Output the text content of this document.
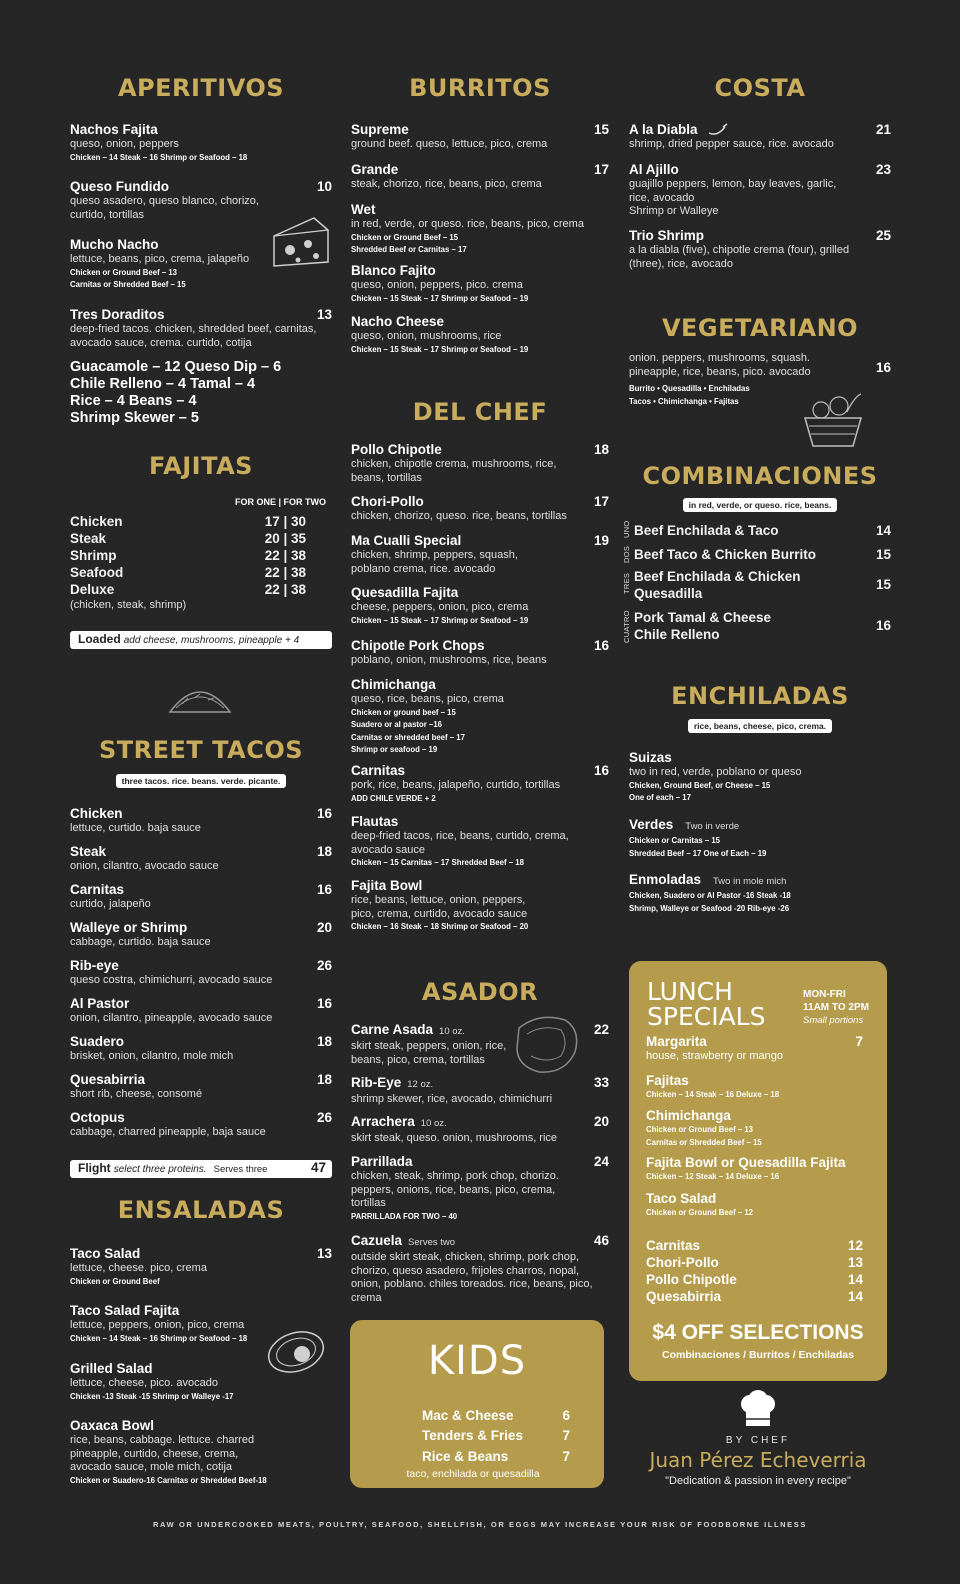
APERITIVOS
Nachos Fajita
queso, onion, peppers
Chicken – 14 Steak – 16 Shrimp or Seafood – 18
Queso Fundido	10
queso asadero, queso blanco, chorizo, curtido, tortillas
Mucho Nacho
lettuce, beans, pico, crema, jalapeño
Chicken or Ground Beef – 13
Carnitas or Shredded Beef – 15
Tres Doraditos	13
deep-fried tacos. chicken, shredded beef, carnitas, avocado sauce, crema. curtido, cotija
Guacamole – 12 Queso Dip – 6
Chile Relleno – 4 Tamal – 4
Rice – 4 Beans – 4
Shrimp Skewer – 5
FAJITAS
FOR ONE | FOR TWO
Chicken	17 | 30
Steak	20 | 35
Shrimp	22 | 38
Seafood	22 | 38
Deluxe	22 | 38
(chicken, steak, shrimp)
Loaded add cheese, mushrooms, pineapple + 4
STREET TACOS
three tacos. rice. beans. verde. picante.
Chicken	16
lettuce, curtido. baja sauce
Steak	18
onion, cilantro, avocado sauce
Carnitas	16
curtido, jalapeño
Walleye or Shrimp	20
cabbage, curtido. baja sauce
Rib-eye	26
queso costra, chimichurri, avocado sauce
Al Pastor	16
onion, cilantro, pineapple, avocado sauce
Suadero	18
brisket, onion, cilantro, mole mich
Quesabirria	18
short rib, cheese, consomé
Octopus	26
cabbage, charred pineapple, baja sauce
Flight select three proteins. Serves three	47
ENSALADAS
Taco Salad	13
lettuce, cheese. pico, crema
Chicken or Ground Beef
Taco Salad Fajita
lettuce, peppers, onion, pico, crema
Chicken – 14 Steak – 16 Shrimp or Seafood – 18
Grilled Salad
lettuce, cheese, pico. avocado
Chicken -13 Steak -15 Shrimp or Walleye -17
Oaxaca Bowl
rice, beans, cabbage. lettuce. charred pineapple, curtido, cheese, crema, avocado sauce, mole mich, cotija
Chicken or Suadero-16 Carnitas or Shredded Beef-18
BURRITOS
Supreme	15
ground beef. queso, lettuce, pico, crema
Grande	17
steak, chorizo, rice, beans, pico, crema
Wet
in red, verde, or queso. rice, beans, pico, crema
Chicken or Ground Beef – 15
Shredded Beef or Carnitas – 17
Blanco Fajito
queso, onion, peppers, pico. crema
Chicken – 15 Steak – 17 Shrimp or Seafood – 19
Nacho Cheese
queso, onion, mushrooms, rice
Chicken – 15 Steak – 17 Shrimp or Seafood – 19
DEL CHEF
Pollo Chipotle	18
chicken, chipotle crema, mushrooms, rice, beans, tortillas
Chori-Pollo	17
chicken, chorizo, queso. rice, beans, tortillas
Ma Cualli Special	19
chicken, shrimp, peppers, squash, poblano crema, rice. avocado
Quesadilla Fajita
cheese, peppers, onion, pico, crema
Chicken – 15 Steak – 17 Shrimp or Seafood – 19
Chipotle Pork Chops	16
poblano, onion, mushrooms, rice, beans
Chimichanga
queso, rice, beans, pico, crema
Chicken or ground beef – 15
Suadero or al pastor –16
Carnitas or shredded beef – 17
Shrimp or seafood – 19
Carnitas	16
pork, rice, beans, jalapeño, curtido, tortillas
ADD CHILE VERDE + 2
Flautas
deep-fried tacos, rice, beans, curtido, crema, avocado sauce
Chicken – 15 Carnitas – 17 Shredded Beef – 18
Fajita Bowl
rice, beans, lettuce, onion, peppers, pico, crema, curtido, avocado sauce
Chicken – 16 Steak – 18 Shrimp or Seafood – 20
ASADOR
Carne Asada 10 oz.	22
skirt steak, peppers, onion, rice, beans, pico, crema, tortillas
Rib-Eye 12 oz.	33
shrimp skewer, rice, avocado, chimichurri
Arrachera 10 oz.	20
skirt steak, queso. onion, mushrooms, rice
Parrillada	24
chicken, steak, shrimp, pork chop, chorizo. peppers, onions, rice, beans, pico, crema, tortillas
PARRILLADA FOR TWO – 40
Cazuela Serves two	46
outside skirt steak, chicken, shrimp, pork chop, chorizo, queso asadero, frijoles charros, nopal, onion, poblano. chiles toreados. rice, beans, pico, crema
KIDS
Mac & Cheese	6
Tenders & Fries	7
Rice & Beans	7
taco, enchilada or quesadilla
COSTA
A la Diabla	21
shrimp, dried pepper sauce, rice. avocado
Al Ajillo	23
guajillo peppers, lemon, bay leaves, garlic, rice, avocado
Shrimp or Walleye
Trio Shrimp	25
a la diabla (five), chipotle crema (four), grilled (three), rice, avocado
VEGETARIANO
onion. peppers, mushrooms, squash. pineapple, rice, beans, pico. avocado	16
Burrito • Quesadilla • Enchiladas
Tacos • Chimichanga • Fajitas
COMBINACIONES
in red, verde, or queso. rice, beans.
UNO
DOS
TRES
CUATRO
Beef Enchilada & Taco	14
Beef Taco & Chicken Burrito	15
Beef Enchilada & Chicken
Quesadilla
15
Pork Tamal & Cheese
Chile Relleno
16
ENCHILADAS
rice, beans, cheese, pico, crema.
Suizas
two in red, verde, poblano or queso
Chicken, Ground Beef, or Cheese – 15
One of each – 17
Verdes Two in verde
Chicken or Carnitas – 15
Shredded Beef – 17 One of Each – 19
Enmoladas Two in mole mich
Chicken, Suadero or Al Pastor -16 Steak -18
Shrimp, Walleye or Seafood -20 Rib-eye -26
LUNCH
SPECIALS
MON-FRI
11AM TO 2PM
Small portions
Margarita	7
house, strawberry or mango
Fajitas
Chicken – 14 Steak – 16 Deluxe – 18
Chimichanga
Chicken or Ground Beef – 13
Carnitas or Shredded Beef – 15
Fajita Bowl or Quesadilla Fajita
Chicken – 12 Steak – 14 Deluxe – 16
Taco Salad
Chicken or Ground Beef – 12
Carnitas	12
Chori-Pollo	13
Pollo Chipotle	14
Quesabirria	14
$4 OFF SELECTIONS
Combinaciones / Burritos / Enchiladas
BY CHEF
Juan Pérez Echeverria
"Dedication & passion in every recipe"
RAW OR UNDERCOOKED MEATS, POULTRY, SEAFOOD, SHELLFISH, OR EGGS MAY INCREASE YOUR RISK OF FOODBORNE ILLNESS
